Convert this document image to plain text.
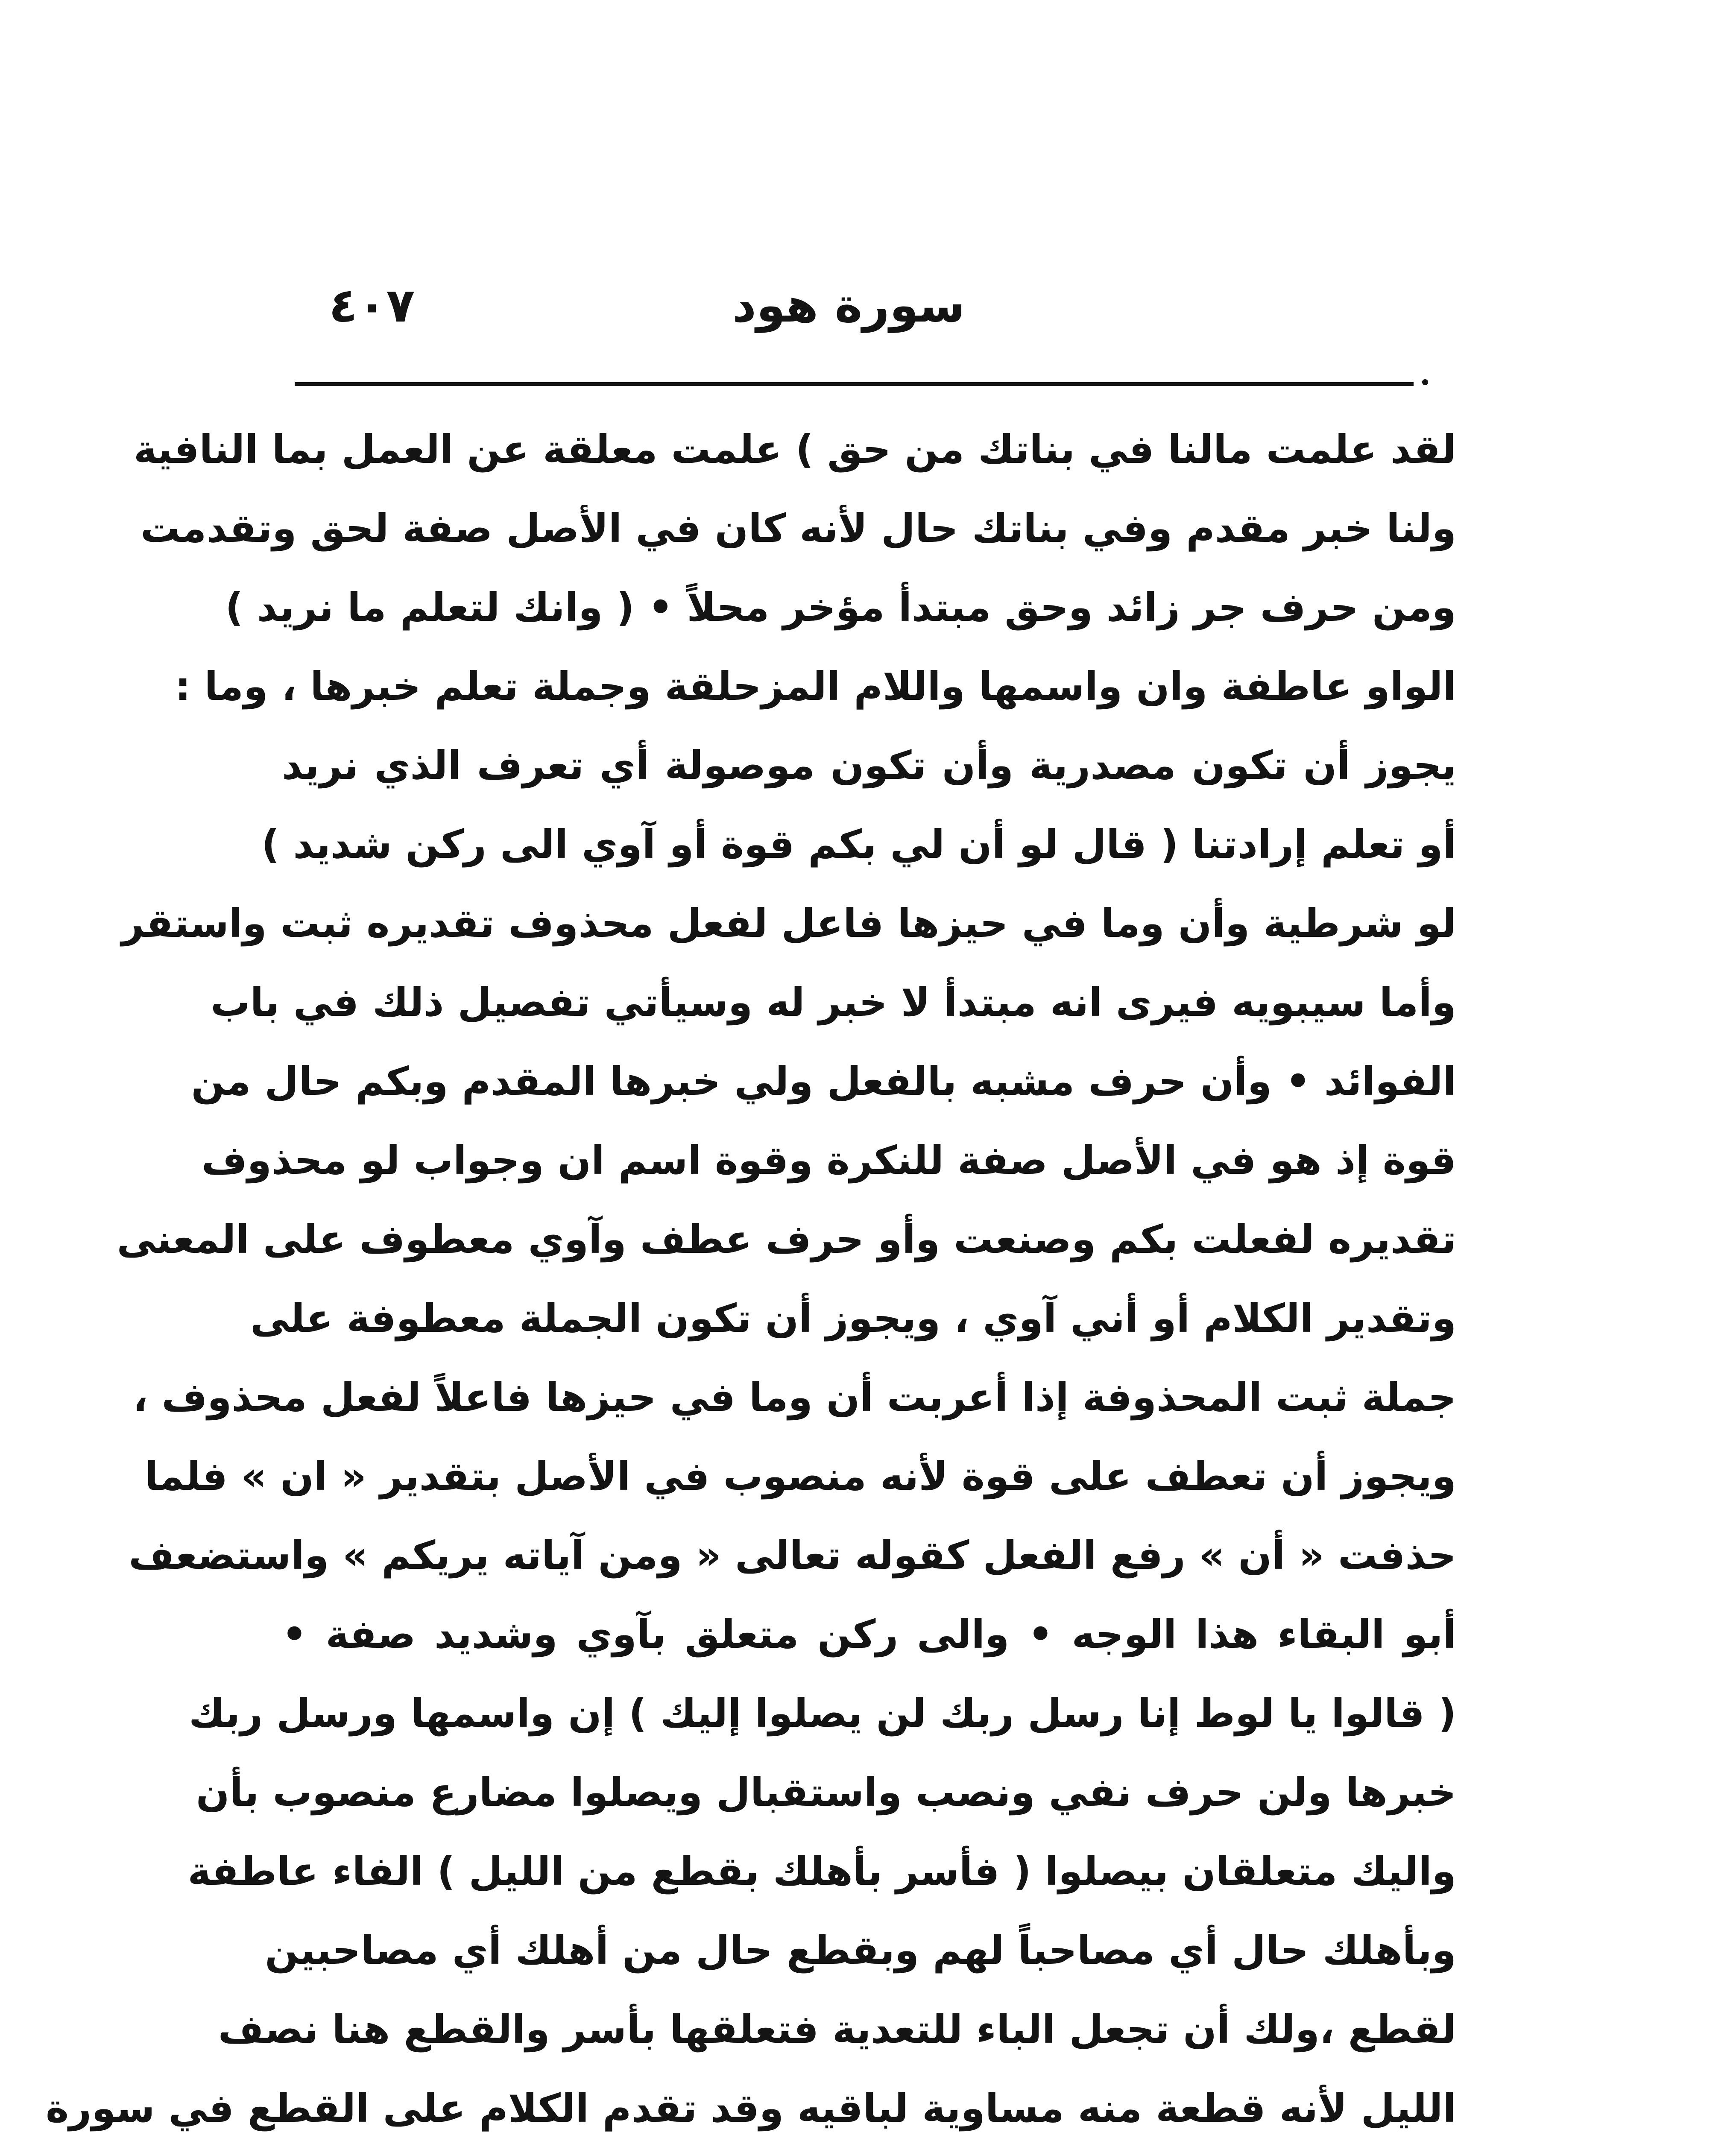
سورة هود
٤٠٧
لقد علمت مالنا في بناتك من حق ) علمت معلقة عن العمل بما النافية
ولنا خبر مقدم وفي بناتك حال لأنه كان في الأصل صفة لحق وتقدمت
ومن حرف جر زائد وحق مبتدأ مؤخر محلاً • ( وانك لتعلم ما نريد )
الواو عاطفة وان واسمها واللام المزحلقة وجملة تعلم خبرها ، وما :
يجوز أن تكون مصدرية وأن تكون موصولة أي تعرف الذي نريد
أو تعلم إرادتنا ( قال لو أن لي بكم قوة أو آوي الى ركن شديد )
لو شرطية وأن وما في حيزها فاعل لفعل محذوف تقديره ثبت واستقر
وأما سيبويه فيرى انه مبتدأ لا خبر له وسيأتي تفصيل ذلك في باب
الفوائد • وأن حرف مشبه بالفعل ولي خبرها المقدم وبكم حال من
قوة إذ هو في الأصل صفة للنكرة وقوة اسم ان وجواب لو محذوف
تقديره لفعلت بكم وصنعت وأو حرف عطف وآوي معطوف على المعنى
وتقدير الكلام أو أني آوي ، ويجوز أن تكون الجملة معطوفة على
جملة ثبت المحذوفة إذا أعربت أن وما في حيزها فاعلاً لفعل محذوف ،
ويجوز أن تعطف على قوة لأنه منصوب في الأصل بتقدير « ان » فلما
حذفت « أن » رفع الفعل كقوله تعالى « ومن آياته يريكم » واستضعف
أبو البقاء هذا الوجه • والى ركن متعلق بآوي وشديد صفة •
( قالوا يا لوط إنا رسل ربك لن يصلوا إليك ) إن واسمها ورسل ربك
خبرها ولن حرف نفي ونصب واستقبال ويصلوا مضارع منصوب بأن
واليك متعلقان بيصلوا ( فأسر بأهلك بقطع من الليل ) الفاء عاطفة
وبأهلك حال أي مصاحباً لهم وبقطع حال من أهلك أي مصاحبين
لقطع ،ولك أن تجعل الباء للتعدية فتعلقها بأسر والقطع هنا نصف
الليل لأنه قطعة منه مساوية لباقيه وقد تقدم الكلام على القطع في سورة
